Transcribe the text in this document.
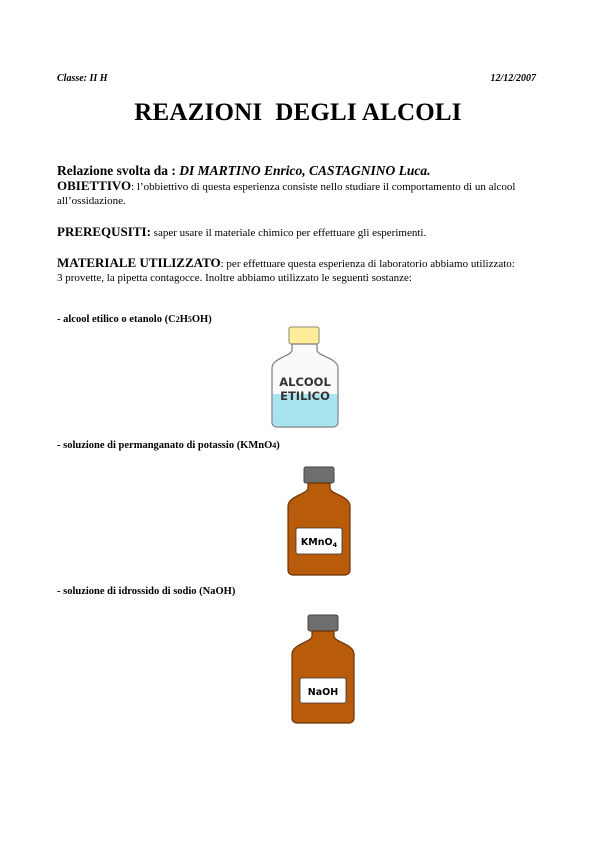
Classe: II H	12/12/2007
REAZIONI  DEGLI ALCOLI
Relazione svolta da : DI MARTINO Enrico, CASTAGNINO Luca.
OBIETTIVO: l’obbiettivo di questa esperienza consiste nello studiare il comportamento di un alcool all’ossidazione.
PREREQUSITI: saper usare il materiale chimico per effettuare gli esperimenti.
MATERIALE UTILIZZATO: per effettuare questa esperienza di laboratorio abbiamo utilizzato:
3 provette, la pipetta contagocce. Inoltre abbiamo utilizzato le seguenti sostanze:
- alcool etilico o etanolo (C2H5OH)
ALCOOL
ETILICO
- soluzione di permanganato di potassio (KMnO4)
KMnO$_4$
- soluzione di idrossido di sodio (NaOH)
NaOH
